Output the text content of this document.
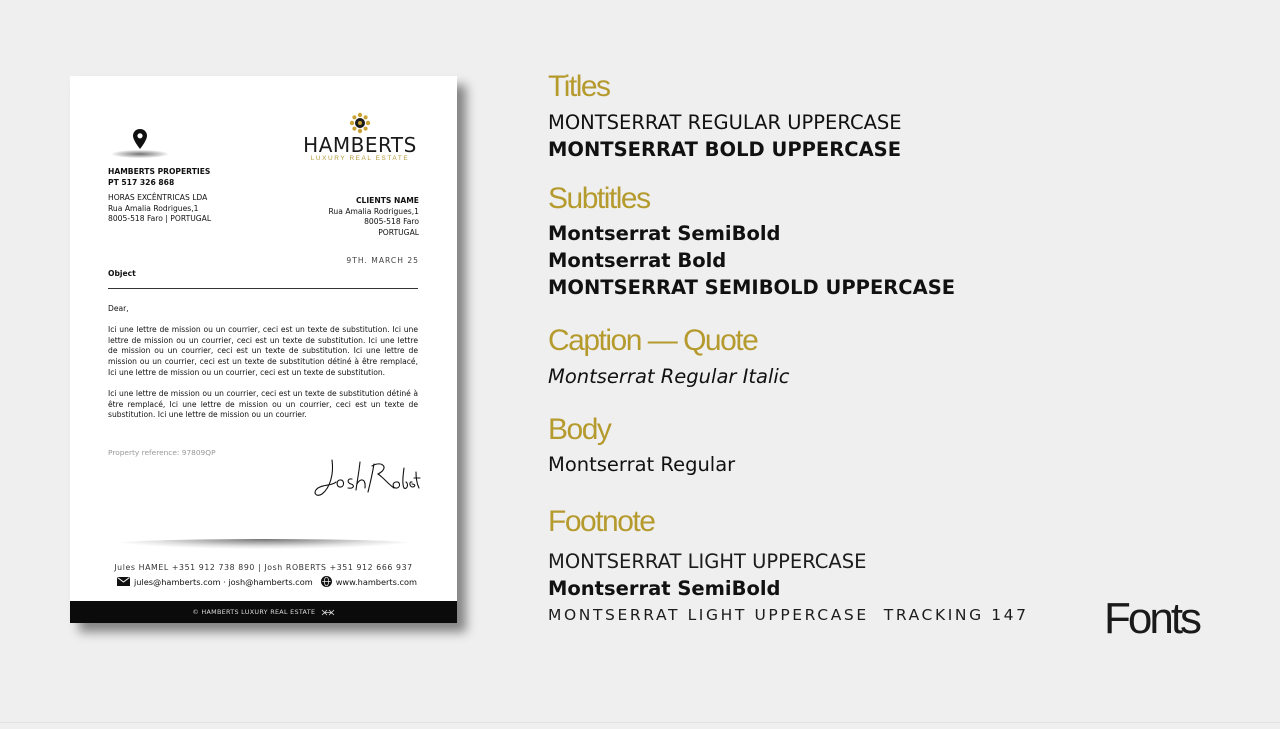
HAMBERTS PROPERTIES
PT 517 326 868
HORAS EXCÊNTRICAS LDA
Rua Amalia Rodrigues,1
8005-518 Faro | PORTUGAL
HAMBERTS
LUXURY REAL ESTATE
CLIENTS NAME
Rua Amalia Rodrigues,1
8005-518 Faro
PORTUGAL
9TH. MARCH 25
Object

Dear,

Ici une lettre de mission ou un courrier, ceci est un texte de substitution. Ici une lettre de mission ou un courrier, ceci est un texte de substitution. Ici une lettre de mission ou un courrier, ceci est un texte de substitution. Ici une lettre de mission ou un courrier, ceci est un texte de substitution détiné à être remplacé, Ici une lettre de mission ou un courrier, ceci est un texte de substitution.

Ici une lettre de mission ou un courrier, ceci est un texte de substitution détiné à être remplacé, Ici une lettre de mission ou un courrier, ceci est un texte de substitution. Ici une lettre de mission ou un courrier.

Property reference: 97809QP
Jules HAMEL +351 912 738 890 | Josh ROBERTS +351 912 666 937
jules@hamberts.com · josh@hamberts.com	www.hamberts.com
© HAMBERTS LUXURY REAL ESTATE
Titles
MONTSERRAT REGULAR UPPERCASE
MONTSERRAT BOLD UPPERCASE
Subtitles
Montserrat SemiBold
Montserrat Bold
MONTSERRAT SEMIBOLD UPPERCASE
Caption — Quote
Montserrat Regular Italic
Body
Montserrat Regular
Footnote
MONTSERRAT LIGHT UPPERCASE
Montserrat SemiBold
MONTSERRAT LIGHT UPPERCASE  TRACKING 147 Fonts
